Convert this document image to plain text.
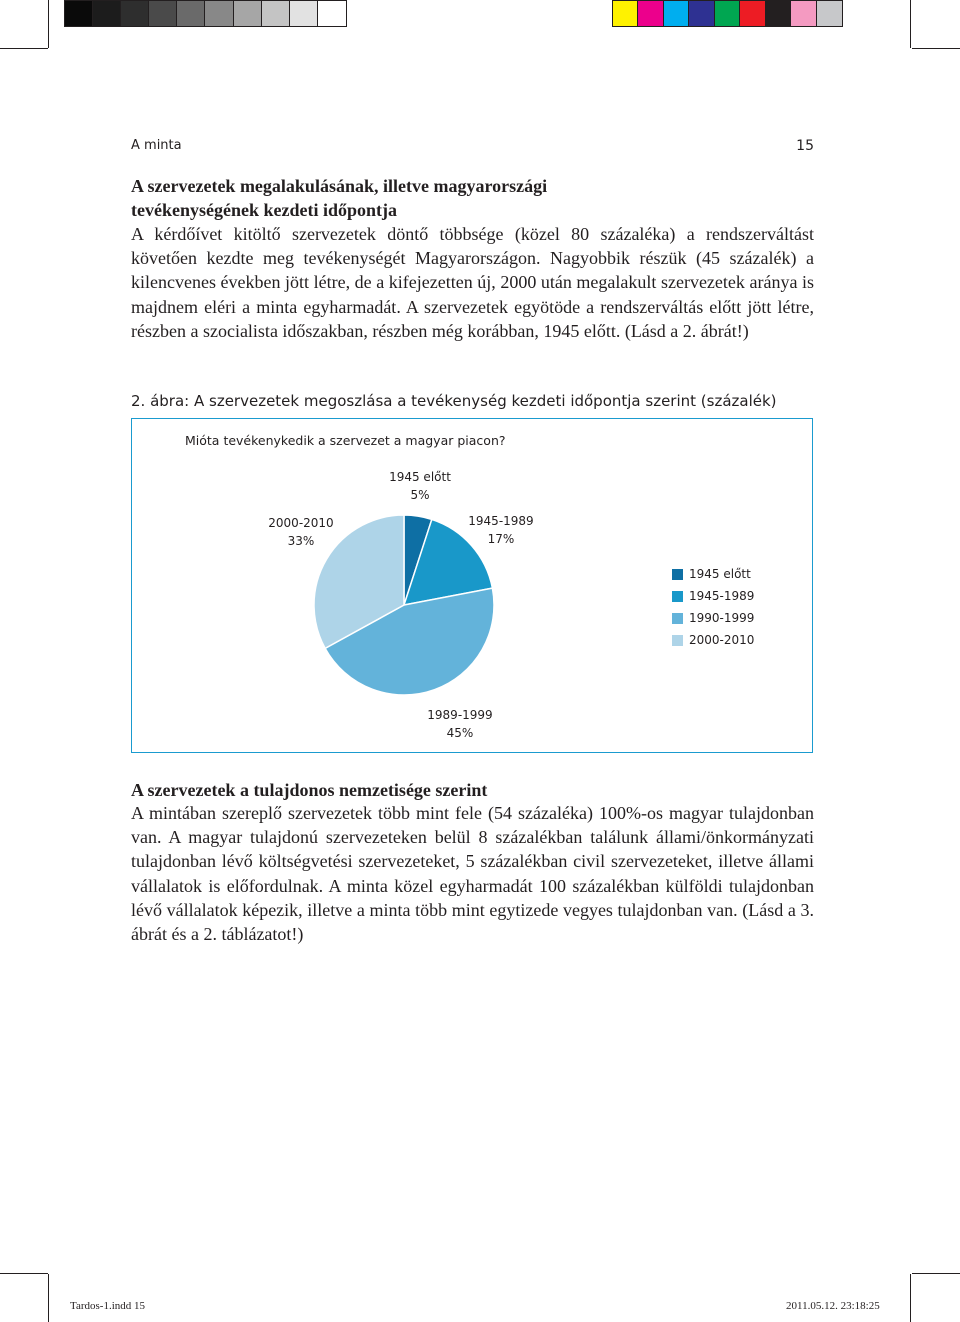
A minta	15
A szervezetek megalakulásának, illetve magyarországi
tevékenységének kezdeti időpontja

A kérdőívet kitöltő szervezetek döntő többsége (közel 80 százaléka) a rendszerváltást követően kezdte meg tevékenységét Magyarországon. Nagyobbik részük (45 százalék) a kilencvenes években jött létre, de a kifejezetten új, 2000 után megalakult szervezetek aránya is majdnem eléri a minta egyharmadát. A szervezetek egyötöde a rendszerváltás előtt jött létre, részben a szocialista időszakban, részben még korábban, 1945 előtt. (Lásd a 2. ábrát!)

2. ábra: A szervezetek megoszlása a tevékenység kezdeti időpontja szerint (százalék)
Mióta tevékenykedik a szervezet a magyar piacon?
1945 előtt
5%
1945-1989
17%
1989-1999
45%
2000-2010
33%
1945 előtt
1945-1989
1990-1999
2000-2010
A szervezetek a tulajdonos nemzetisége szerint

A mintában szereplő szervezetek több mint fele (54 százaléka) 100%-os magyar tulajdonban van. A magyar tulajdonú szervezeteken belül 8 százalékban találunk állami/önkormányzati tulajdonban lévő költségvetési szervezeteket, 5 százalékban civil szervezeteket, illetve állami vállalatok is előfordulnak. A minta közel egyharmadát 100 százalékban külföldi tulajdonban lévő vállalatok képezik, illetve a minta több mint egytizede vegyes tulajdonban van. (Lásd a 3. ábrát és a 2. táblázatot!)

Tardos-1.indd 15	2011.05.12. 23:18:25
